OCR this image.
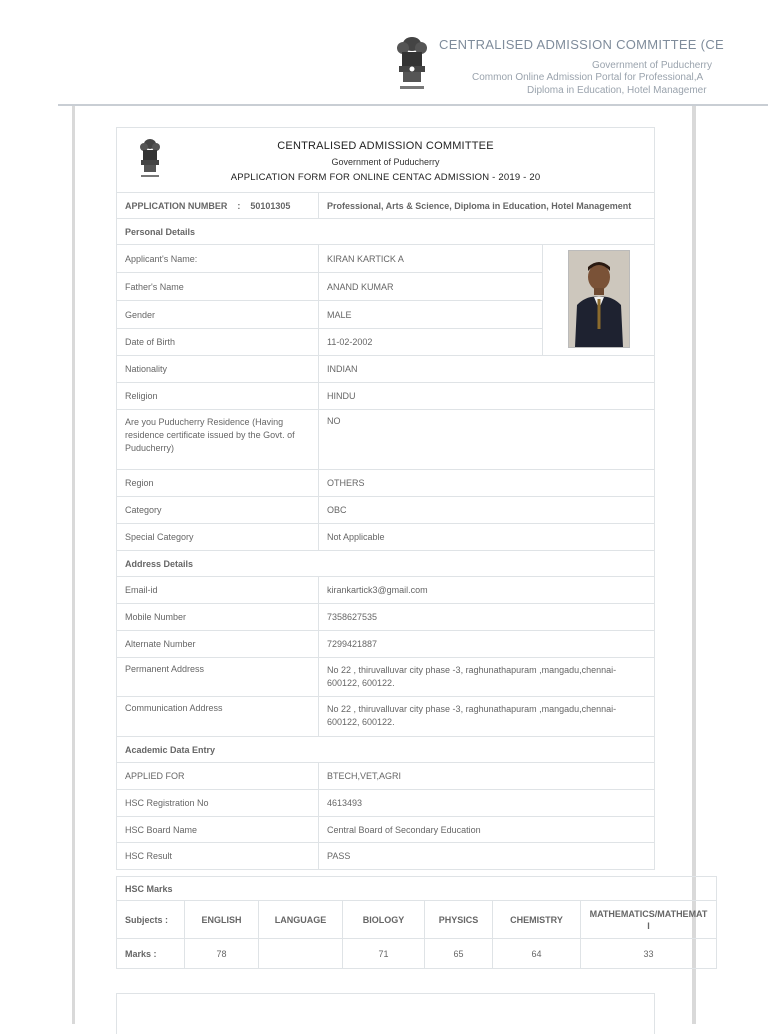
CENTRALISED ADMISSION COMMITTEE (CE
Government of Puducherry
Common Online Admission Portal for Professional,A
Diploma in Education, Hotel Managemer
CENTRALISED ADMISSION COMMITTEE
Government of Puducherry
APPLICATION FORM FOR ONLINE CENTAC ADMISSION - 2019 - 20		

APPLICATION NUMBER : 50101305	Professional, Arts & Science, Diploma in Education, Hotel Management	
Personal Details		
Applicant's Name:	KIRAN KARTICK A	
Father's Name	ANAND KUMAR	
Gender	MALE	
Date of Birth	11-02-2002	
Nationality	INDIAN	
Religion	HINDU	
Are you Puducherry Residence (Having residence certificate issued by the Govt. of Puducherry)	NO	
Region	OTHERS	
Category	OBC	
Special Category	Not Applicable	
Address Details		
Email-id	kirankartick3@gmail.com	
Mobile Number	7358627535	
Alternate Number	7299421887	
Permanent Address	No 22 , thiruvalluvar city phase -3, raghunathapuram ,mangadu,chennai-600122, 600122.	
Communication Address	No 22 , thiruvalluvar city phase -3, raghunathapuram ,mangadu,chennai-600122, 600122.	
Academic Data Entry		
APPLIED FOR	BTECH,VET,AGRI	
HSC Registration No	4613493	
HSC Board Name	Central Board of Secondary Education	
HSC Result	PASS	
HSC Marks						
Subjects :	ENGLISH	LANGUAGE	BIOLOGY	PHYSICS	CHEMISTRY	MATHEMATICS/MATHEMAT I
Marks :	78		71	65	64	33
